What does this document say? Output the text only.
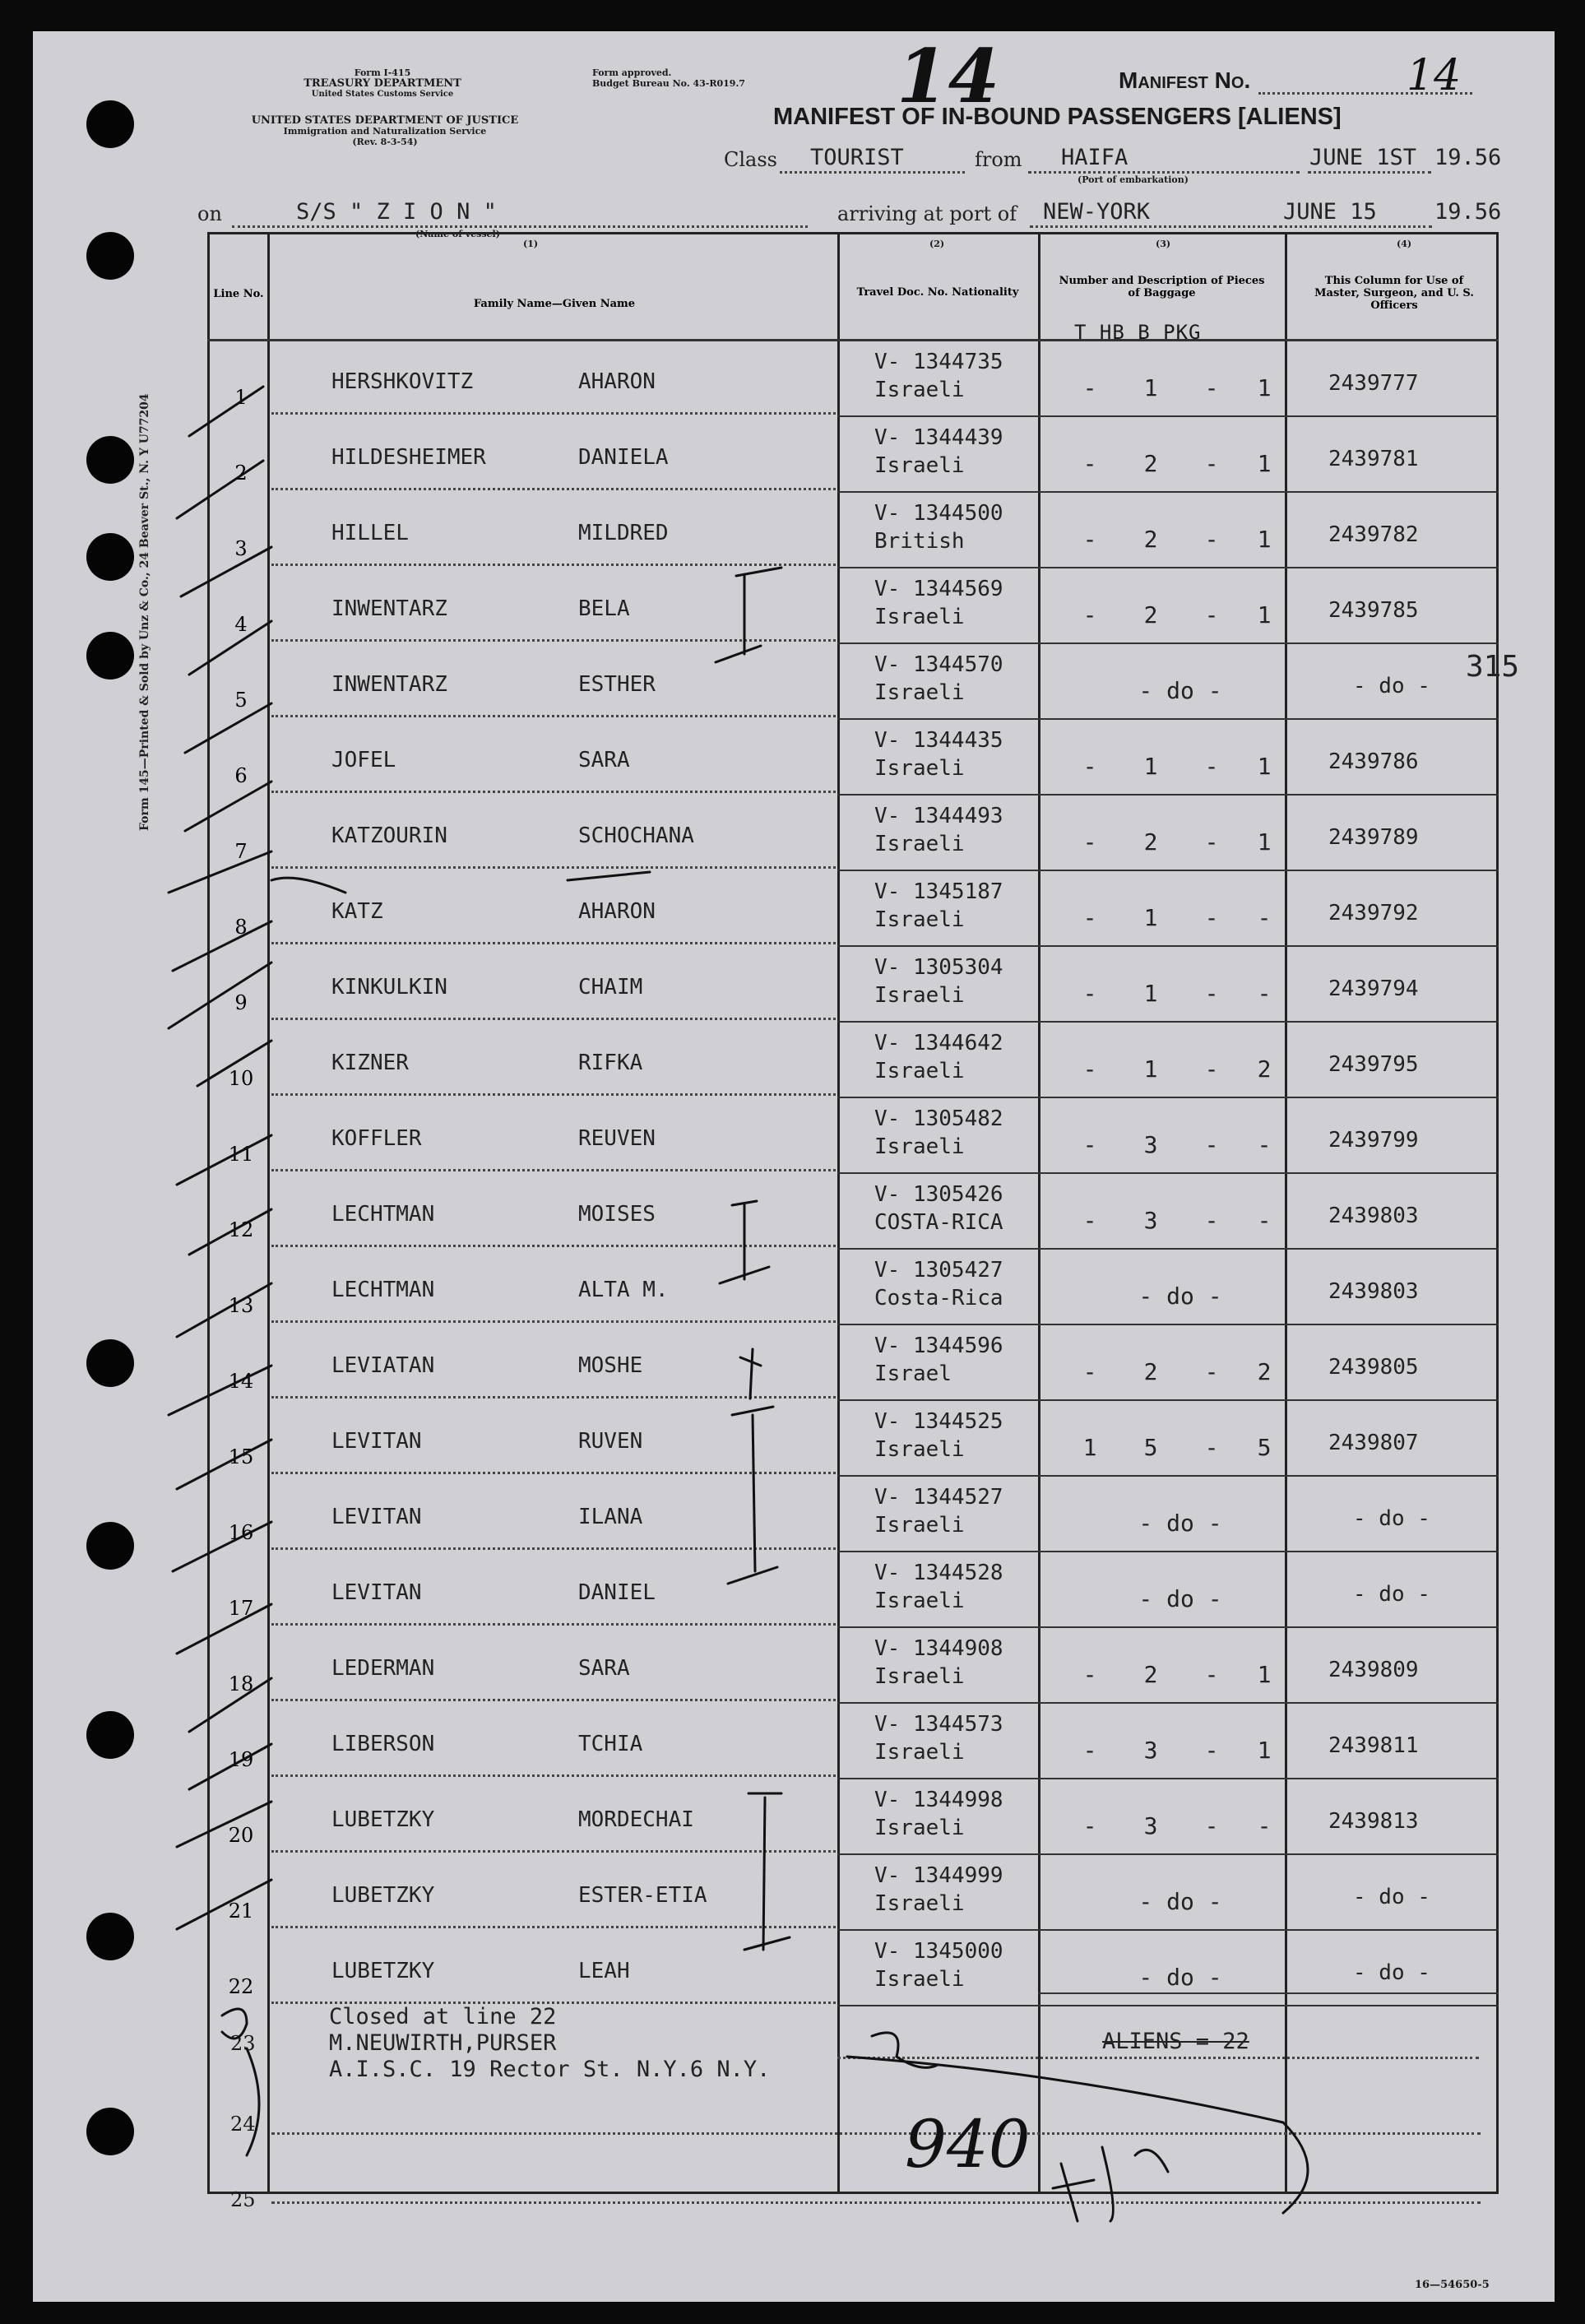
Form I-415
TREASURY DEPARTMENT
United States Customs Service
UNITED STATES DEPARTMENT OF JUSTICE
Immigration and Naturalization Service
(Rev. 8-3-54)
Form approved.
Budget Bureau No. 43-R019.7 14	Manifest No.	14
MANIFEST OF IN-BOUND PASSENGERS [ALIENS]
Class TOURIST	from HAIFA
(Port of embarkation)
JUNE 1ST 19.56
on	S/S " Z I O N "
(Name of vessel)
(1)
arriving at port of NEW-YORK	JUNE 15	19.56
(2)	(3)	(4)
315
Form 145—Printed & Sold by Unz & Co., 24 Beaver St., N. Y U77204
Line No.
Family Name—Given Name
Travel Doc. No. Nationality
Number and Description of Pieces of Baggage
T HB B PKG
This Column for Use of Master, Surgeon, and U. S. Officers
1
HERSHKOVITZ	AHARON
V- 1344735
Israeli	-	1	-	1	2439777
2
HILDESHEIMER	DANIELA
V- 1344439
Israeli	-	2	-	1	2439781
3
HILLEL	MILDRED
V- 1344500
British	-	2	-	1	2439782
4
INWENTARZ	BELA
V- 1344569
Israeli	-	2	-	1	2439785
5
INWENTARZ	ESTHER
V- 1344570
Israeli	- do -	- do -
6
JOFEL	SARA
V- 1344435
Israeli	-	1	-	1	2439786
7
KATZOURIN	SCHOCHANA
V- 1344493
Israeli	-	2	-	1	2439789
8
KATZ	AHARON
V- 1345187
Israeli	-	1	-	-	2439792
9
KINKULKIN	CHAIM
V- 1305304
Israeli	-	1	-	-	2439794
10
KIZNER	RIFKA
V- 1344642
Israeli	-	1	-	2	2439795
11
KOFFLER	REUVEN
V- 1305482
Israeli	-	3	-	-	2439799
12
LECHTMAN	MOISES
V- 1305426
COSTA-RICA	-	3	-	-	2439803
13
LECHTMAN	ALTA M.
V- 1305427
Costa-Rica	- do -	2439803
14
LEVIATAN	MOSHE
V- 1344596
Israel	-	2	-	2	2439805
15
LEVITAN	RUVEN
V- 1344525
Israeli	1	5	-	5	2439807
16
LEVITAN	ILANA
V- 1344527
Israeli	- do -	- do -
17
LEVITAN	DANIEL
V- 1344528
Israeli	- do -	- do -
18
LEDERMAN	SARA
V- 1344908
Israeli	-	2	-	1	2439809
19
LIBERSON	TCHIA
V- 1344573
Israeli	-	3	-	1	2439811
20
LUBETZKY	MORDECHAI
V- 1344998
Israeli	-	3	-	-	2439813
21
LUBETZKY	ESTER-ETIA
V- 1344999
Israeli	- do -	- do -
22
LUBETZKY	LEAH
V- 1345000
Israeli	- do -	- do -
Closed at line 22
M.NEUWIRTH,PURSER
A.I.S.C. 19 Rector St. N.Y.6 N.Y.
ALIENS = 22
23
24
25
940
16—54650-5
